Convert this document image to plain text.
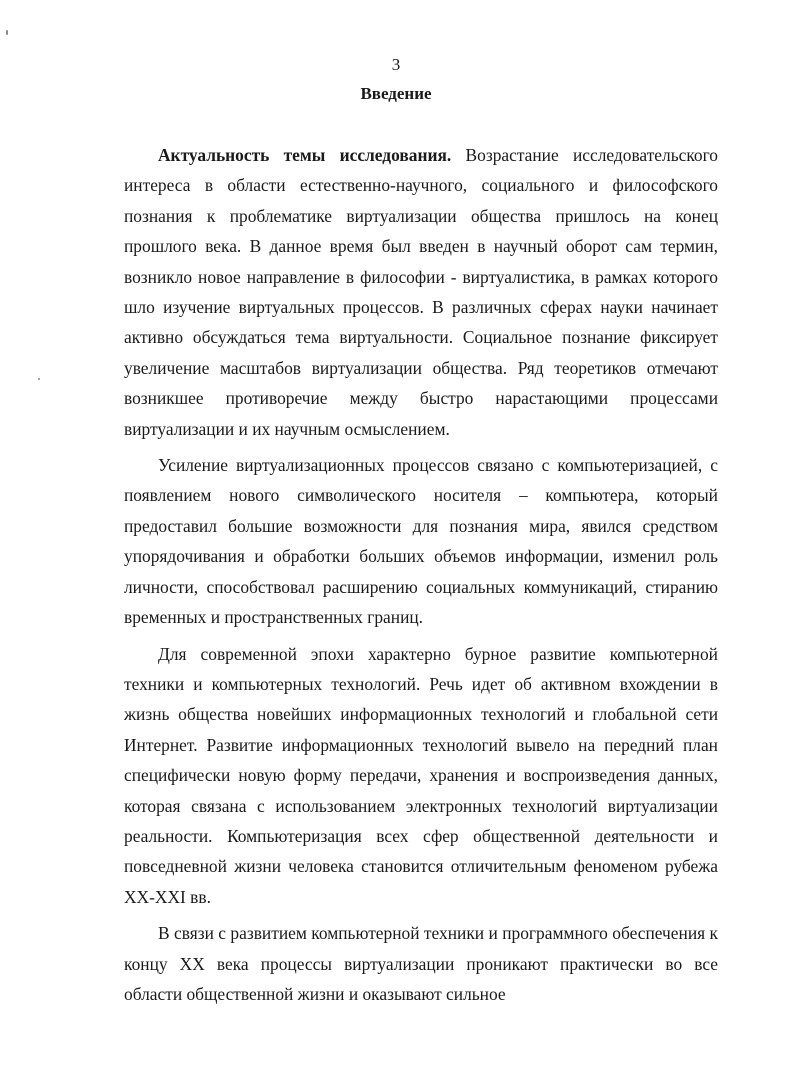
3
Введение

Актуальность темы исследования. Возрастание исследовательского интереса в области естественно-научного, социального и философского познания к проблематике виртуализации общества пришлось на конец прошлого века. В данное время был введен в научный оборот сам термин, возникло новое направление в философии - виртуалистика, в рамках которого шло изучение виртуальных процессов. В различных сферах науки начинает активно обсуждаться тема виртуальности. Социальное познание фиксирует увеличение масштабов виртуализации общества. Ряд теоретиков отмечают возникшее противоречие между быстро нарастающими процессами виртуализации и их научным осмыслением.

Усиление виртуализационных процессов связано с компьютеризацией, с появлением нового символического носителя – компьютера, который предоставил большие возможности для познания мира, явился средством упорядочивания и обработки больших объемов информации, изменил роль личности, способствовал расширению социальных коммуникаций, стиранию временных и пространственных границ.

Для современной эпохи характерно бурное развитие компьютерной техники и компьютерных технологий. Речь идет об активном вхождении в жизнь общества новейших информационных технологий и глобальной сети Интернет. Развитие информационных технологий вывело на передний план специфически новую форму передачи, хранения и воспроизведения данных, которая связана с использованием электронных технологий виртуализации реальности. Компьютеризация всех сфер общественной деятельности и повседневной жизни человека становится отличительным феноменом рубежа XX-XXI вв.

В связи с развитием компьютерной техники и программного обеспечения к концу XX века процессы виртуализации проникают практически во все области общественной жизни и оказывают сильное
